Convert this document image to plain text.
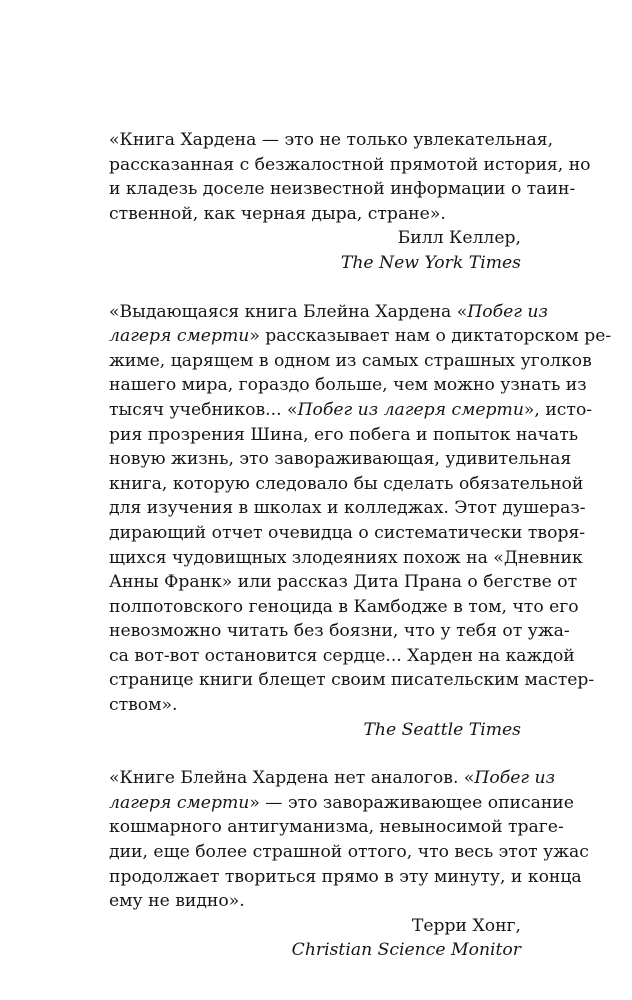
«Книга Хардена — это не только увлекательная,
рассказанная с безжалостной прямотой история, но
и кладезь доселе неизвестной информации о таин-
ственной, как черная дыра, стране».

Билл Келлер,
The New York Times

«Выдающаяся книга Блейна Хардена «Побег из
лагеря смерти» рассказывает нам о диктаторском ре-
жиме, царящем в одном из самых страшных уголков
нашего мира, гораздо больше, чем можно узнать из
тысяч учебников... «Побег из лагеря смерти», исто-
рия прозрения Шина, его побега и попыток начать
новую жизнь, это завораживающая, удивительная
книга, которую следовало бы сделать обязательной
для изучения в школах и колледжах. Этот душераз-
дирающий отчет очевидца о систематически творя-
щихся чудовищных злодеяниях похож на «Дневник
Анны Франк» или рассказ Дита Прана о бегстве от
полпотовского геноцида в Камбодже в том, что его
невозможно читать без боязни, что у тебя от ужа-
са вот-вот остановится сердце... Харден на каждой
странице книги блещет своим писательским мастер-
ством».

The Seattle Times

«Книге Блейна Хардена нет аналогов. «Побег из
лагеря смерти» — это завораживающее описание
кошмарного антигуманизма, невыносимой траге-
дии, еще более страшной оттого, что весь этот ужас
продолжает твориться прямо в эту минуту, и конца
ему не видно».

Терри Хонг,
Christian Science Monitor
